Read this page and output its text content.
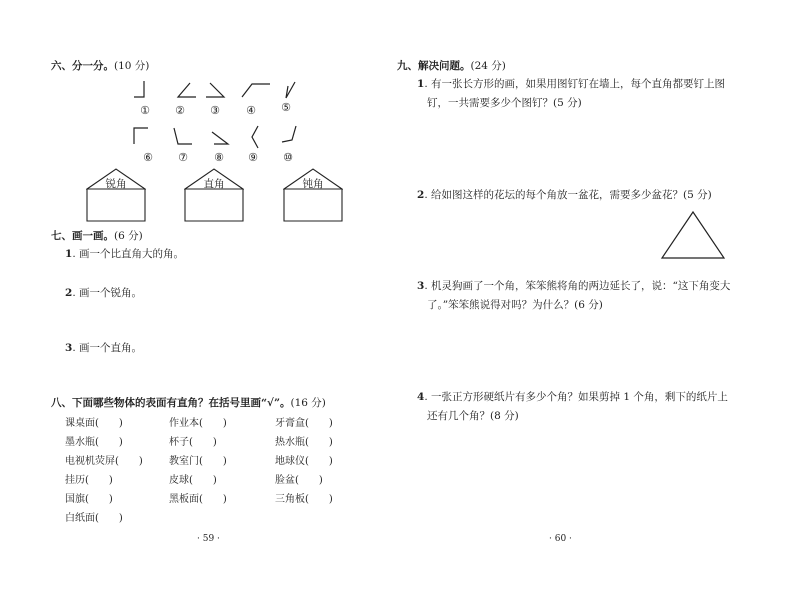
六、分一分。(10 分)
① ② ③ ④ ⑤
⑥ ⑦ ⑧ ⑨ ⑩
锐角	直角	钝角
七、画一画。(6 分)
1. 画一个比直角大的角。
2. 画一个锐角。
3. 画一个直角。
八、下面哪些物体的表面有直角？在括号里画“√”。(16 分)
课桌面(　　)	作业本(　　)	牙膏盒(　　)
墨水瓶(　　)	杯子(　　)	热水瓶(　　)
电视机荧屏(　　)	教室门(　　)	地球仪(　　)
挂历(　　)	皮球(　　)	脸盆(　　)
国旗(　　)	黑板面(　　)	三角板(　　)
白纸面(　　)
· 59 ·
九、解决问题。(24 分)
1. 有一张长方形的画，如果用图钉钉在墙上，每个直角都要钉上图
钉，一共需要多少个图钉？(5 分)
2. 给如图这样的花坛的每个角放一盆花，需要多少盆花？(5 分)
3. 机灵狗画了一个角，笨笨熊将角的两边延长了，说：“这下角变大
了。”笨笨熊说得对吗？为什么？(6 分)
4. 一张正方形硬纸片有多少个角？如果剪掉 1 个角，剩下的纸片上
还有几个角？(8 分)
· 60 ·
